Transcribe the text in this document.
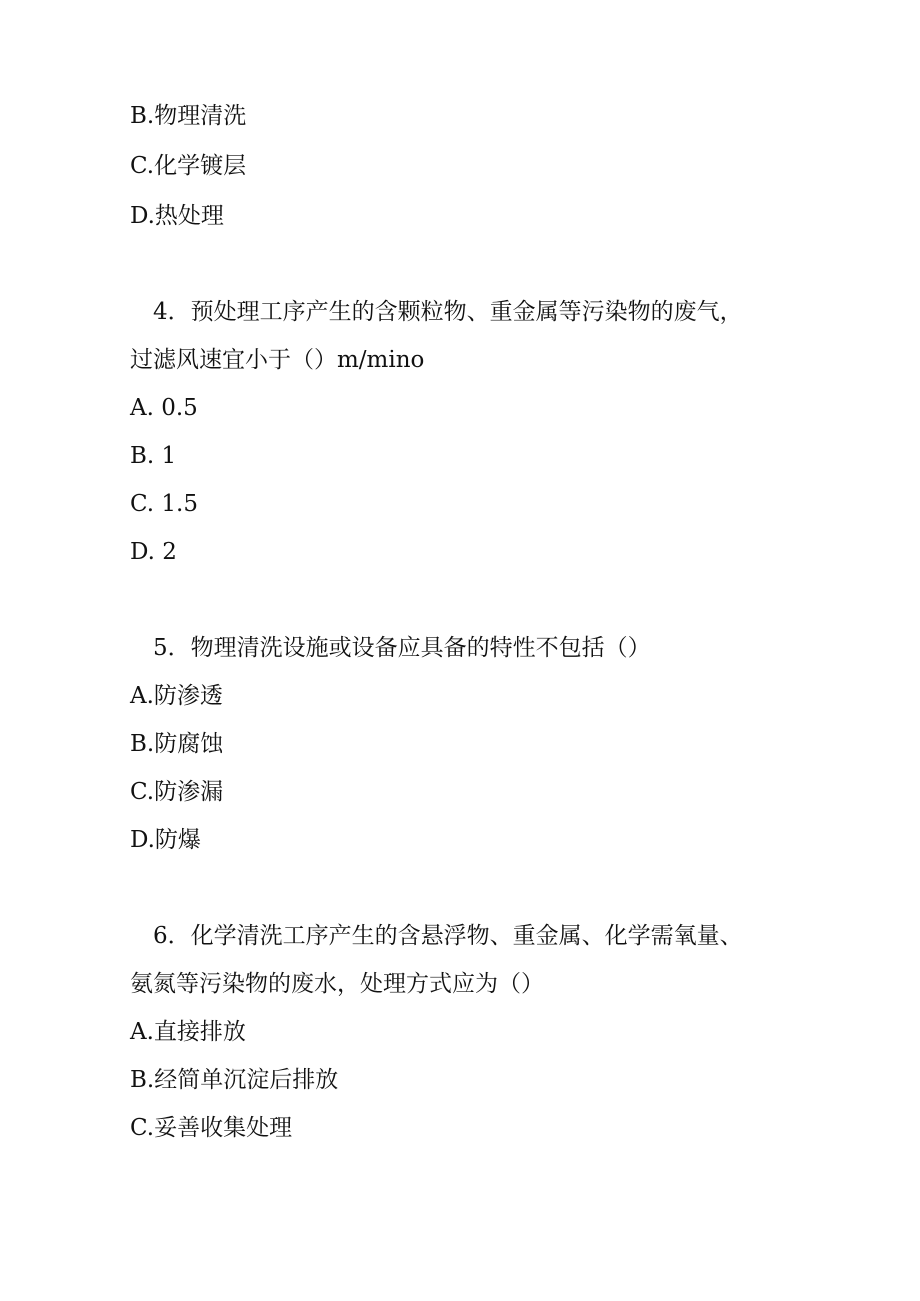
B.物理清洗
C.化学镀层
D.热处理
4．预处理工序产生的含颗粒物、重金属等污染物的废气，
过滤风速宜小于（）m/mino
A. 0.5
B. 1
C. 1.5
D. 2
5．物理清洗设施或设备应具备的特性不包括（）
A.防渗透
B.防腐蚀
C.防渗漏
D.防爆
6．化学清洗工序产生的含悬浮物、重金属、化学需氧量、
氨氮等污染物的废水，处理方式应为（）
A.直接排放
B.经简单沉淀后排放
C.妥善收集处理
